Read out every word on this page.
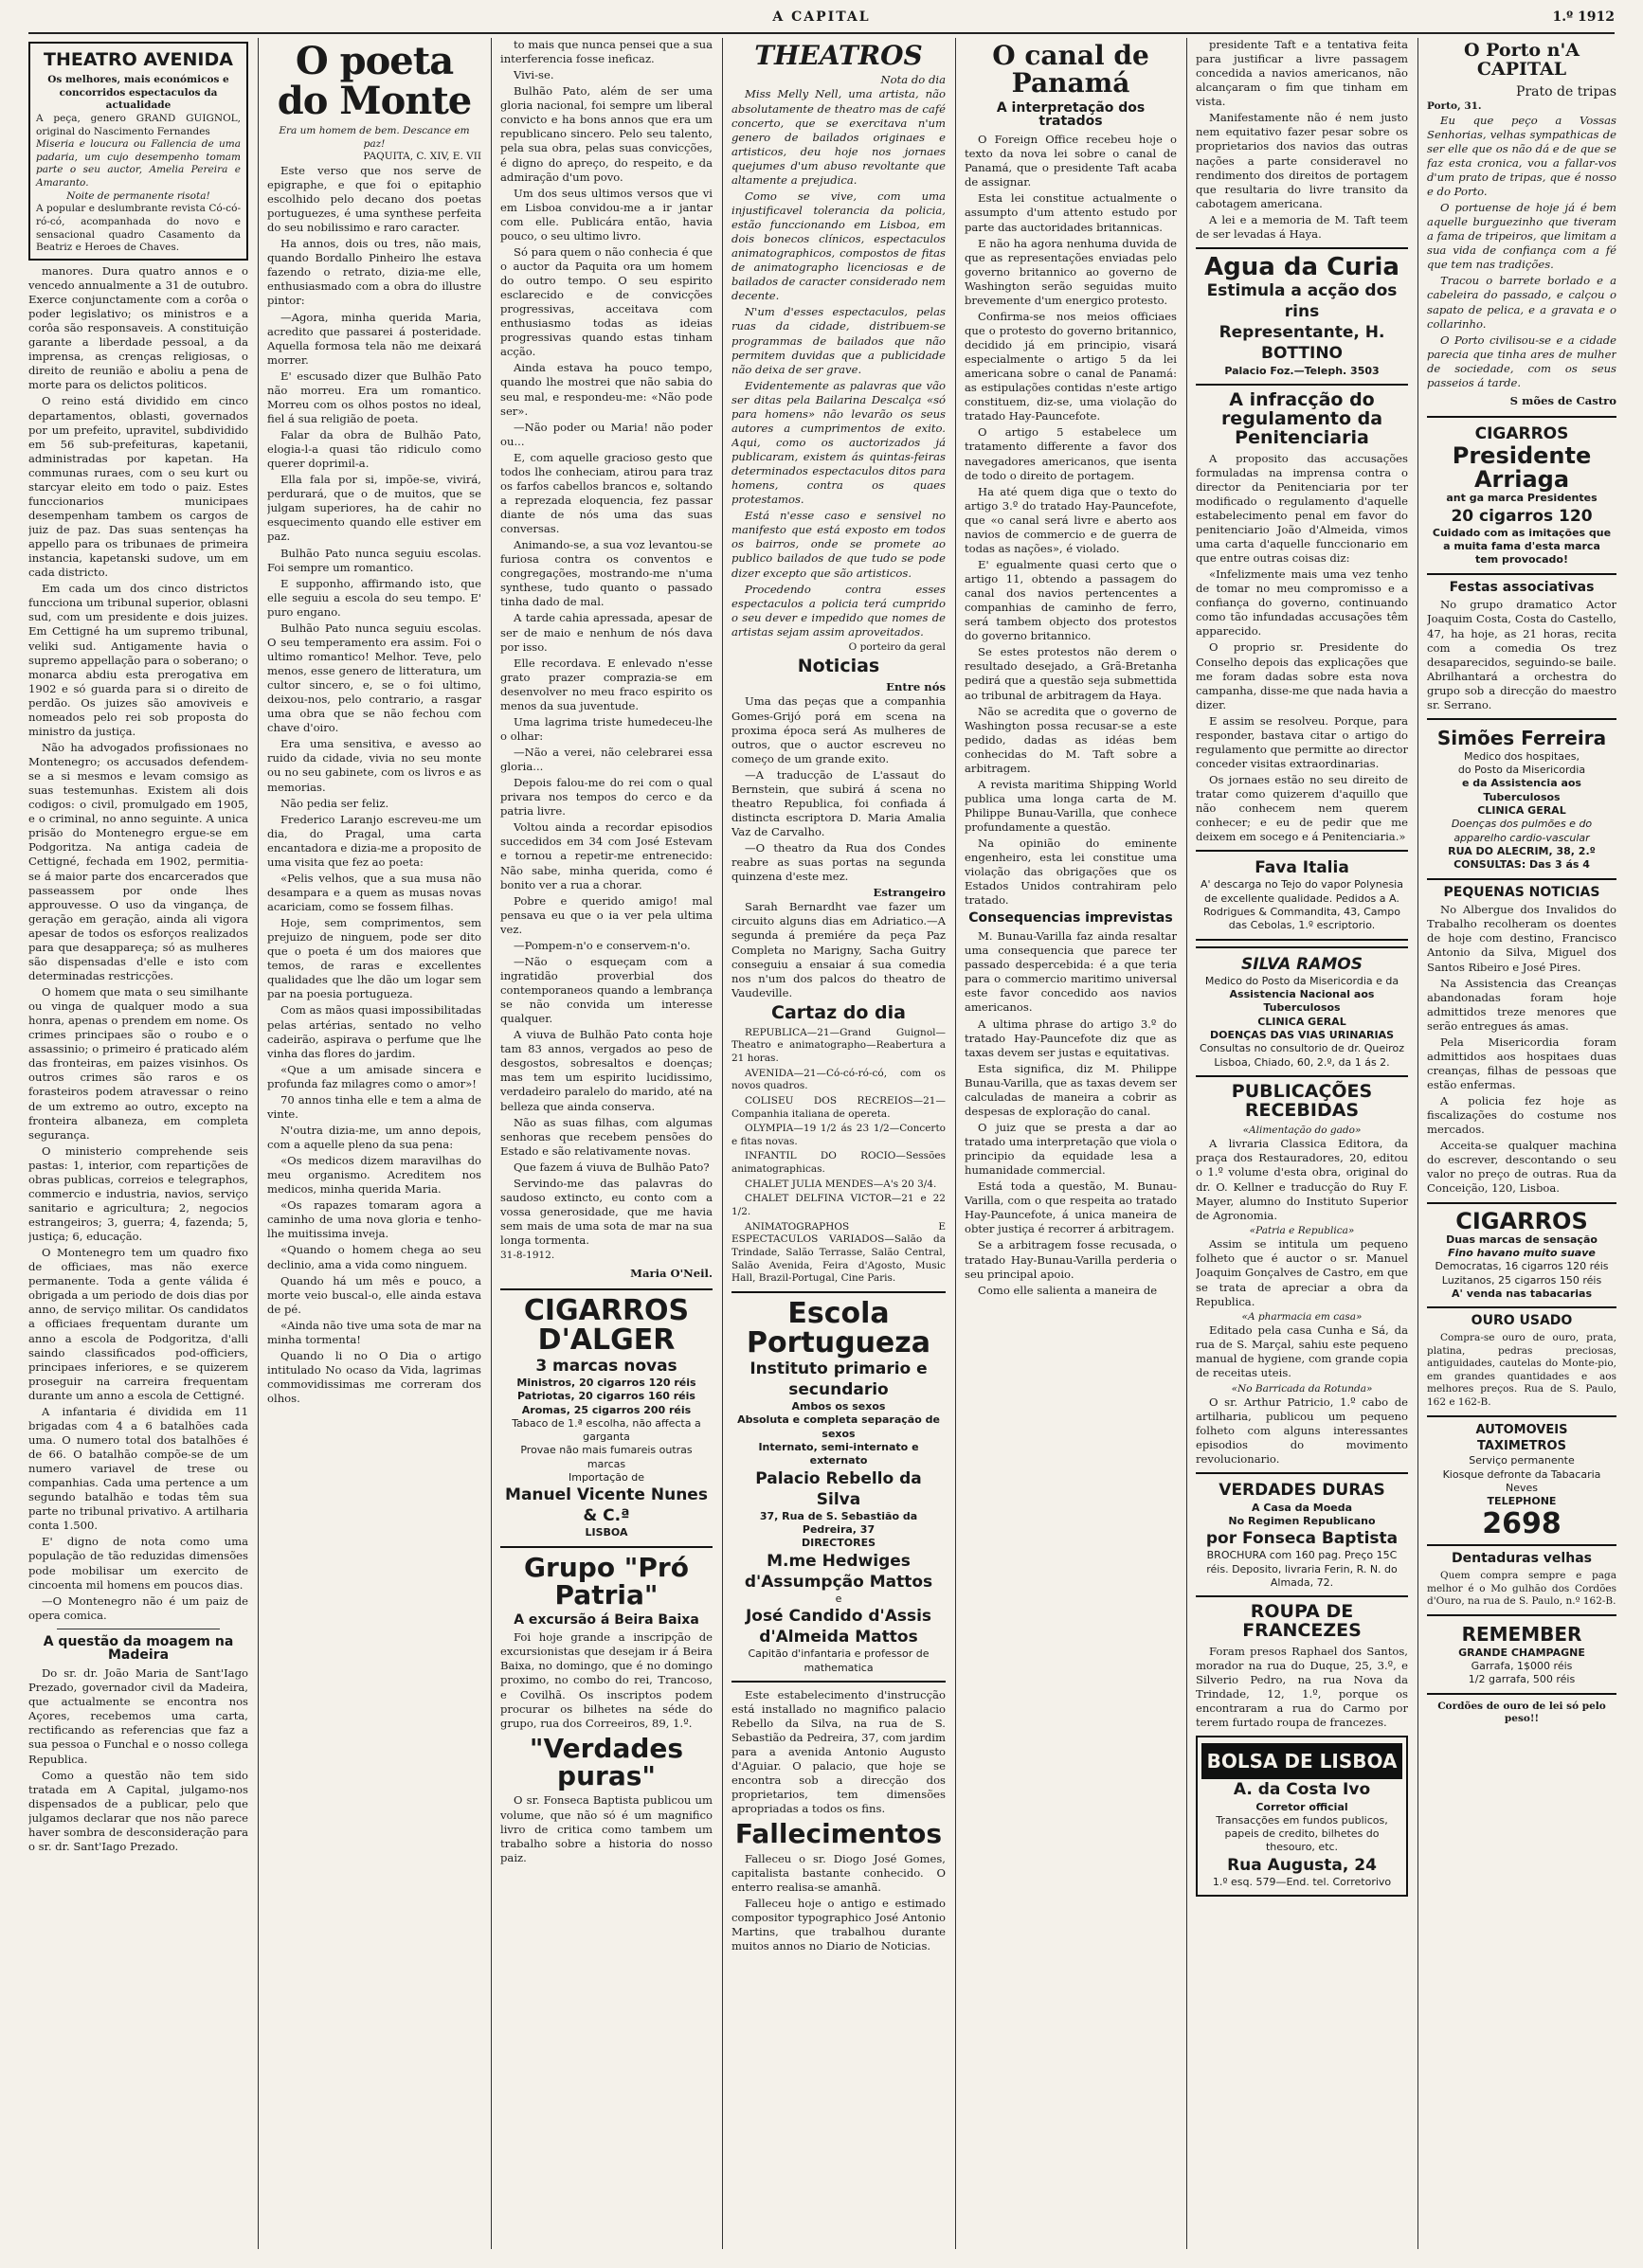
A CAPITAL	1.º 1912
THEATRO AVENIDA
Os melhores, mais económicos e concorridos espectaculos da actualidade
A peça, genero GRAND GUIGNOL, original do Nascimento Fernandes
Miseria e loucura ou Fallencia de uma padaria, um cujo desempenho tomam parte o seu auctor, Amelia Pereira e Amaranto.
Noite de permanente risota!
A popular e deslumbrante revista Có-có-ró-có, acompanhada do novo e sensacional quadro Casamento da Beatriz e Heroes de Chaves.

manores. Dura quatro annos e o vencedo annualmente a 31 de outubro. Exerce conjunctamente com a corôa o poder legislativo; os ministros e a corôa são responsaveis. A constituição garante a liberdade pessoal, a da imprensa, as crenças religiosas, o direito de reunião e aboliu a pena de morte para os delictos politicos.

O reino está dividido em cinco departamentos, oblasti, governados por um prefeito, upravitel, subdividido em 56 sub-prefeituras, kapetanii, administradas por kapetan. Ha communas ruraes, com o seu kurt ou starcyar eleito em todo o paiz. Estes funccionarios municipaes desempenham tambem os cargos de juiz de paz. Das suas sentenças ha appello para os tribunaes de primeira instancia, kapetanski sudove, um em cada districto.

Em cada um dos cinco districtos funcciona um tribunal superior, oblasni sud, com um presidente e dois juizes. Em Cettigné ha um supremo tribunal, veliki sud. Antigamente havia o supremo appellação para o soberano; o monarca abdiu esta prerogativa em 1902 e só guarda para si o direito de perdão. Os juizes são amoviveis e nomeados pelo rei sob proposta do ministro da justiça.

Não ha advogados profissionaes no Montenegro; os accusados defendem-se a si mesmos e levam comsigo as suas testemunhas. Existem ali dois codigos: o civil, promulgado em 1905, e o criminal, no anno seguinte. A unica prisão do Montenegro ergue-se em Podgoritza. Na antiga cadeia de Cettigné, fechada em 1902, permitia-se á maior parte dos encarcerados que passeassem por onde lhes approuvesse. O uso da vingança, de geração em geração, ainda ali vigora apesar de todos os esforços realizados para que desappareça; só as mulheres são dispensadas d'elle e isto com determinadas restricções.

O homem que mata o seu similhante ou vinga de qualquer modo a sua honra, apenas o prendem em nome. Os crimes principaes são o roubo e o assassinio; o primeiro é praticado além das fronteiras, em paizes visinhos. Os outros crimes são raros e os forasteiros podem atravessar o reino de um extremo ao outro, excepto na fronteira albaneza, em completa segurança.

O ministerio comprehende seis pastas: 1, interior, com repartições de obras publicas, correios e telegraphos, commercio e industria, navios, serviço sanitario e agricultura; 2, negocios estrangeiros; 3, guerra; 4, fazenda; 5, justiça; 6, educação.

O Montenegro tem um quadro fixo de officiaes, mas não exerce permanente. Toda a gente válida é obrigada a um periodo de dois dias por anno, de serviço militar. Os candidatos a officiaes frequentam durante um anno a escola de Podgoritza, d'alli saindo classificados pod-officiers, principaes inferiores, e se quizerem proseguir na carreira frequentam durante um anno a escola de Cettigné.

A infantaria é dividida em 11 brigadas com 4 a 6 batalhões cada uma. O numero total dos batalhões é de 66. O batalhão compõe-se de um numero variavel de trese ou companhias. Cada uma pertence a um segundo batalhão e todas têm sua parte no tribunal privativo. A artilharia conta 1.500.

E' digno de nota como uma população de tão reduzidas dimensões pode mobilisar um exercito de cincoenta mil homens em poucos dias.

—O Montenegro não é um paiz de opera comica.

A questão da moagem na Madeira

Do sr. dr. João Maria de Sant'Iago Prezado, governador civil da Madeira, que actualmente se encontra nos Açores, recebemos uma carta, rectificando as referencias que faz a sua pessoa o Funchal e o nosso collega Republica.

Como a questão não tem sido tratada em A Capital, julgamo-nos dispensados de a publicar, pelo que julgamos declarar que nos não parece haver sombra de desconsideração para o sr. dr. Sant'Iago Prezado.

O poeta do Monte
Era um homem de bem. Descance em paz!
PAQUITA, C. XIV, E. VII

Este verso que nos serve de epigraphe, e que foi o epitaphio escolhido pelo decano dos poetas portuguezes, é uma synthese perfeita do seu nobilissimo e raro caracter.

Ha annos, dois ou tres, não mais, quando Bordallo Pinheiro lhe estava fazendo o retrato, dizia-me elle, enthusiasmado com a obra do illustre pintor:

—Agora, minha querida Maria, acredito que passarei á posteridade. Aquella formosa tela não me deixará morrer.

E' escusado dizer que Bulhão Pato não morreu. Era um romantico. Morreu com os olhos postos no ideal, fiel á sua religião de poeta.

Falar da obra de Bulhão Pato, elogia-l-a quasi tão ridiculo como querer doprimil-a.

Ella fala por si, impõe-se, vivirá, perdurará, que o de muitos, que se julgam superiores, ha de cahir no esquecimento quando elle estiver em paz.

Bulhão Pato nunca seguiu escolas. Foi sempre um romantico.

E supponho, affirmando isto, que elle seguiu a escola do seu tempo. E' puro engano.

Bulhão Pato nunca seguiu escolas. O seu temperamento era assim. Foi o ultimo romantico! Melhor. Teve, pelo menos, esse genero de litteratura, um cultor sincero, e, se o foi ultimo, deixou-nos, pelo contrario, a rasgar uma obra que se não fechou com chave d'oiro.

Era uma sensitiva, e avesso ao ruido da cidade, vivia no seu monte ou no seu gabinete, com os livros e as memorias.

Não pedia ser feliz.

Frederico Laranjo escreveu-me um dia, do Pragal, uma carta encantadora e dizia-me a proposito de uma visita que fez ao poeta:

«Pelis velhos, que a sua musa não desampara e a quem as musas novas acariciam, como se fossem filhas.

Hoje, sem comprimentos, sem prejuizo de ninguem, pode ser dito que o poeta é um dos maiores que temos, de raras e excellentes qualidades que lhe dão um logar sem par na poesia portugueza.

Com as mãos quasi impossibilitadas pelas artérias, sentado no velho cadeirão, aspirava o perfume que lhe vinha das flores do jardim.

«Que a um amisade sincera e profunda faz milagres como o amor»!

70 annos tinha elle e tem a alma de vinte.

N'outra dizia-me, um anno depois, com a aquelle pleno da sua pena:

«Os medicos dizem maravilhas do meu organismo. Acreditem nos medicos, minha querida Maria.

«Os rapazes tomaram agora a caminho de uma nova gloria e tenho-lhe muitissima inveja.

«Quando o homem chega ao seu declinio, ama a vida como ninguem.

Quando há um mês e pouco, a morte veio buscal-o, elle ainda estava de pé.

«Ainda não tive uma sota de mar na minha tormenta!

Quando li no O Dia o artigo intitulado No ocaso da Vida, lagrimas commovidissimas me correram dos olhos.

to mais que nunca pensei que a sua interferencia fosse ineficaz.

Vivi-se.

Bulhão Pato, além de ser uma gloria nacional, foi sempre um liberal convicto e ha bons annos que era um republicano sincero. Pelo seu talento, pela sua obra, pelas suas convicções, é digno do apreço, do respeito, e da admiração d'um povo.

Um dos seus ultimos versos que vi em Lisboa convidou-me a ir jantar com elle. Publicára então, havia pouco, o seu ultimo livro.

Só para quem o não conhecia é que o auctor da Paquita ora um homem do outro tempo. O seu espirito esclarecido e de convicções progressivas, acceitava com enthusiasmo todas as ideias progressivas quando estas tinham acção.

Ainda estava ha pouco tempo, quando lhe mostrei que não sabia do seu mal, e respondeu-me: «Não pode ser».

—Não poder ou Maria! não poder ou...

E, com aquelle gracioso gesto que todos lhe conheciam, atirou para traz os farfos cabellos brancos e, soltando a reprezada eloquencia, fez passar diante de nós uma das suas conversas.

Animando-se, a sua voz levantou-se furiosa contra os conventos e congregações, mostrando-me n'uma synthese, tudo quanto o passado tinha dado de mal.

A tarde cahia apressada, apesar de ser de maio e nenhum de nós dava por isso.

Elle recordava. E enlevado n'esse grato prazer comprazia-se em desenvolver no meu fraco espirito os menos da sua juventude.

Uma lagrima triste humedeceu-lhe o olhar:

—Não a verei, não celebrarei essa gloria...

Depois falou-me do rei com o qual privara nos tempos do cerco e da patria livre.

Voltou ainda a recordar episodios succedidos em 34 com José Estevam e tornou a repetir-me entrenecido: Não sabe, minha querida, como é bonito ver a rua a chorar.

Pobre e querido amigo! mal pensava eu que o ia ver pela ultima vez.

—Pompem-n'o e conservem-n'o.

—Não o esqueçam com a ingratidão proverbial dos contemporaneos quando a lembrança se não convida um interesse qualquer.

A viuva de Bulhão Pato conta hoje tam 83 annos, vergados ao peso de desgostos, sobresaltos e doenças; mas tem um espirito lucidissimo, verdadeiro paralelo do marido, até na belleza que ainda conserva.

Não as suas filhas, com algumas senhoras que recebem pensões do Estado e são relativamente novas.

Que fazem á viuva de Bulhão Pato?

Servindo-me das palavras do saudoso extincto, eu conto com a vossa generosidade, que me havia sem mais de uma sota de mar na sua longa tormenta.

31-8-1912.
Maria O'Neil.
CIGARROS D'ALGER
3 marcas novas
Ministros, 20 cigarros 120 réis
Patriotas, 20 cigarros 160 réis
Aromas, 25 cigarros 200 réis
Tabaco de 1.ª escolha, não affecta a garganta
Provae não mais fumareis outras marcas
Importação de
Manuel Vicente Nunes & C.ª
LISBOA
Grupo "Pró Patria"
A excursão á Beira Baixa

Foi hoje grande a inscripção de excursionistas que desejam ir á Beira Baixa, no domingo, que é no domingo proximo, no combo do rei, Trancoso, e Covilhã. Os inscriptos podem procurar os bilhetes na séde do grupo, rua dos Correeiros, 89, 1.º.

"Verdades puras"

O sr. Fonseca Baptista publicou um volume, que não só é um magnifico livro de critica como tambem um trabalho sobre a historia do nosso paiz.

THEATROS
Nota do dia

Miss Melly Nell, uma artista, não absolutamente de theatro mas de café concerto, que se exercitava n'um genero de bailados originaes e artisticos, deu hoje nos jornaes quejumes d'um abuso revoltante que altamente a prejudica.

Como se vive, com uma injustificavel tolerancia da policia, estão funccionando em Lisboa, em dois bonecos clínicos, espectaculos animatographicos, compostos de fitas de animatographo licenciosas e de bailados de caracter considerado nem decente.

N'um d'esses espectaculos, pelas ruas da cidade, distribuem-se programmas de bailados que não permitem duvidas que a publicidade não deixa de ser grave.

Evidentemente as palavras que vão ser ditas pela Bailarina Descalça «só para homens» não levarão os seus autores a cumprimentos de exito. Aqui, como os auctorizados já publicaram, existem ás quintas-feiras determinados espectaculos ditos para homens, contra os quaes protestamos.

Está n'esse caso e sensivel no manifesto que está exposto em todos os bairros, onde se promete ao publico bailados de que tudo se pode dizer excepto que são artisticos.

Procedendo contra esses espectaculos a policia terá cumprido o seu dever e impedido que nomes de artistas sejam assim aproveitados.

O porteiro da geral
Noticias
Entre nós

Uma das peças que a companhia Gomes-Grijó porá em scena na proxima época será As mulheres de outros, que o auctor escreveu no começo de um grande exito.

—A traducção de L'assaut do Bernstein, que subirá á scena no theatro Republica, foi confiada á distincta escriptora D. Maria Amalia Vaz de Carvalho.

—O theatro da Rua dos Condes reabre as suas portas na segunda quinzena d'este mez.

Estrangeiro

Sarah Bernardht vae fazer um circuito alguns dias em Adriatico.—A segunda á premiére da peça Paz Completa no Marigny, Sacha Guitry conseguiu a ensaiar á sua comedia nos n'um dos palcos do theatro de Vaudeville.

Cartaz do dia

REPUBLICA—21—Grand Guignol—Theatro e animatographo—Reabertura a 21 horas.

AVENIDA—21—Có-có-ró-có, com os novos quadros.

COLISEU DOS RECREIOS—21—Companhia italiana de opereta.

OLYMPIA—19 1/2 ás 23 1/2—Concerto e fitas novas.

INFANTIL DO ROCIO—Sessões animatographicas.

CHALET JULIA MENDES—A's 20 3/4.

CHALET DELFINA VICTOR—21 e 22 1/2.

ANIMATOGRAPHOS E ESPECTACULOS VARIADOS—Salão da Trindade, Salão Terrasse, Salão Central, Salão Avenida, Feira d'Agosto, Music Hall, Brazil-Portugal, Cine Paris.

Escola Portugueza
Instituto primario e secundario
Ambos os sexos
Absoluta e completa separação de sexos
Internato, semi-internato e externato
Palacio Rebello da Silva
37, Rua de S. Sebastião da Pedreira, 37
DIRECTORES
M.me Hedwiges d'Assumpção Mattos
e
José Candido d'Assis d'Almeida Mattos
Capitão d'infantaria e professor de mathematica

Este estabelecimento d'instrucção está installado no magnifico palacio Rebello da Silva, na rua de S. Sebastião da Pedreira, 37, com jardim para a avenida Antonio Augusto d'Aguiar. O palacio, que hoje se encontra sob a direcção dos proprietarios, tem dimensões apropriadas a todos os fins.

Fallecimentos

Falleceu o sr. Diogo José Gomes, capitalista bastante conhecido. O enterro realisa-se amanhã.

Falleceu hoje o antigo e estimado compositor typographico José Antonio Martins, que trabalhou durante muitos annos no Diario de Noticias.

O canal de Panamá
A interpretação dos tratados

O Foreign Office recebeu hoje o texto da nova lei sobre o canal de Panamá, que o presidente Taft acaba de assignar.

Esta lei constitue actualmente o assumpto d'um attento estudo por parte das auctoridades britannicas.

E não ha agora nenhuma duvida de que as representações enviadas pelo governo britannico ao governo de Washington serão seguidas muito brevemente d'um energico protesto.

Confirma-se nos meios officiaes que o protesto do governo britannico, decidido já em principio, visará especialmente o artigo 5 da lei americana sobre o canal de Panamá: as estipulações contidas n'este artigo constituem, diz-se, uma violação do tratado Hay-Pauncefote.

O artigo 5 estabelece um tratamento differente a favor dos navegadores americanos, que isenta de todo o direito de portagem.

Ha até quem diga que o texto do artigo 3.º do tratado Hay-Pauncefote, que «o canal será livre e aberto aos navios de commercio e de guerra de todas as nações», é violado.

E' egualmente quasi certo que o artigo 11, obtendo a passagem do canal dos navios pertencentes a companhias de caminho de ferro, será tambem objecto dos protestos do governo britannico.

Se estes protestos não derem o resultado desejado, a Grã-Bretanha pedirá que a questão seja submettida ao tribunal de arbitragem da Haya.

Não se acredita que o governo de Washington possa recusar-se a este pedido, dadas as idéas bem conhecidas do M. Taft sobre a arbitragem.

A revista maritima Shipping World publica uma longa carta de M. Philippe Bunau-Varilla, que conhece profundamente a questão.

Na opinião do eminente engenheiro, esta lei constitue uma violação das obrigações que os Estados Unidos contrahiram pelo tratado.

Consequencias imprevistas

M. Bunau-Varilla faz ainda resaltar uma consequencia que parece ter passado despercebida: é a que teria para o commercio maritimo universal este favor concedido aos navios americanos.

A ultima phrase do artigo 3.º do tratado Hay-Pauncefote diz que as taxas devem ser justas e equitativas.

Esta significa, diz M. Philippe Bunau-Varilla, que as taxas devem ser calculadas de maneira a cobrir as despesas de exploração do canal.

O juiz que se presta a dar ao tratado uma interpretação que viola o principio da equidade lesa a humanidade commercial.

Está toda a questão, M. Bunau-Varilla, com o que respeita ao tratado Hay-Pauncefote, á unica maneira de obter justiça é recorrer á arbitragem.

Se a arbitragem fosse recusada, o tratado Hay-Bunau-Varilla perderia o seu principal apoio.

Como elle salienta a maneira de

presidente Taft e a tentativa feita para justificar a livre passagem concedida a navios americanos, não alcançaram o fim que tinham em vista.

Manifestamente não é nem justo nem equitativo fazer pesar sobre os proprietarios dos navios das outras nações a parte consideravel no rendimento dos direitos de portagem que resultaria do livre transito da cabotagem americana.

A lei e a memoria de M. Taft teem de ser levadas á Haya.

Agua da Curia
Estimula a acção dos rins
Representante, H. BOTTINO
Palacio Foz.—Teleph. 3503
A infracção do regulamento da Penitenciaria

A proposito das accusações formuladas na imprensa contra o director da Penitenciaria por ter modificado o regulamento d'aquelle estabelecimento penal em favor do penitenciario João d'Almeida, vimos uma carta d'aquelle funccionario em que entre outras coisas diz:

«Infelizmente mais uma vez tenho de tomar no meu compromisso e a confiança do governo, continuando como tão infundadas accusações têm apparecido.

O proprio sr. Presidente do Conselho depois das explicações que me foram dadas sobre esta nova campanha, disse-me que nada havia a dizer.

E assim se resolveu. Porque, para responder, bastava citar o artigo do regulamento que permitte ao director conceder visitas extraordinarias.

Os jornaes estão no seu direito de tratar como quizerem d'aquillo que não conhecem nem querem conhecer; e eu de pedir que me deixem em socego e á Penitenciaria.»

Fava Italia
A' descarga no Tejo do vapor Polynesia de excellente qualidade. Pedidos a A. Rodrigues & Commandita, 43, Campo das Cebolas, 1.º escriptorio.
SILVA RAMOS
Medico do Posto da Misericordia e da
Assistencia Nacional aos Tuberculosos
CLINICA GERAL
DOENÇAS DAS VIAS URINARIAS
Consultas no consultorio de dr. Queiroz Lisboa, Chiado, 60, 2.º, da 1 ás 2.
PUBLICAÇÕES RECEBIDAS
«Alimentação do gado»

A livraria Classica Editora, da praça dos Restauradores, 20, editou o 1.º volume d'esta obra, original do dr. O. Kellner e traducção do Ruy F. Mayer, alumno do Instituto Superior de Agronomia.

«Patria e Republica»

Assim se intitula um pequeno folheto que é auctor o sr. Manuel Joaquim Gonçalves de Castro, em que se trata de apreciar a obra da Republica.

«A pharmacia em casa»

Editado pela casa Cunha e Sá, da rua de S. Marçal, sahiu este pequeno manual de hygiene, com grande copia de receitas uteis.

«No Barricada da Rotunda»

O sr. Arthur Patricio, 1.º cabo de artilharia, publicou um pequeno folheto com alguns interessantes episodios do movimento revolucionario.

VERDADES DURAS
A Casa da Moeda
No Regimen Republicano
por Fonseca Baptista
BROCHURA com 160 pag. Preço 15C réis. Deposito, livraria Ferin, R. N. do Almada, 72.
ROUPA DE FRANCEZES

Foram presos Raphael dos Santos, morador na rua do Duque, 25, 3.º, e Silverio Pedro, na rua Nova da Trindade, 12, 1.º, porque os encontraram a rua do Carmo por terem furtado roupa de francezes.

BOLSA DE LISBOA
A. da Costa Ivo
Corretor official
Transacções em fundos publicos, papeis de credito, bilhetes do thesouro, etc.
Rua Augusta, 24
1.º esq. 579—End. tel. Corretorivo
O Porto n'A CAPITAL
Prato de tripas
Porto, 31.

Eu que peço a Vossas Senhorias, velhas sympathicas de ser elle que os não dá e de que se faz esta cronica, vou a fallar-vos d'um prato de tripas, que é nosso e do Porto.

O portuense de hoje já é bem aquelle burguezinho que tiveram a fama de tripeiros, que limitam a sua vida de confiança com a fé que tem nas tradições.

Tracou o barrete borlado e a cabeleira do passado, e calçou o sapato de pelica, e a gravata e o collarinho.

O Porto civilisou-se e a cidade parecia que tinha ares de mulher de sociedade, com os seus passeios á tarde.

S mões de Castro
CIGARROS
Presidente Arriaga
ant ga marca Presidentes
20 cigarros 120
Cuidado com as imitações que a muita fama d'esta marca tem provocado!
Festas associativas

No grupo dramatico Actor Joaquim Costa, Costa do Castello, 47, ha hoje, as 21 horas, recita com a comedia Os trez desaparecidos, seguindo-se baile. Abrilhantará a orchestra do grupo sob a direcção do maestro sr. Serrano.

Simões Ferreira
Medico dos hospitaes,
do Posto da Misericordia
e da Assistencia aos Tuberculosos
CLINICA GERAL
Doenças dos pulmões e do apparelho cardio-vascular
RUA DO ALECRIM, 38, 2.º
CONSULTAS: Das 3 ás 4
PEQUENAS NOTICIAS

No Albergue dos Invalidos do Trabalho recolheram os doentes de hoje com destino, Francisco Antonio da Silva, Miguel dos Santos Ribeiro e José Pires.

Na Assistencia das Creanças abandonadas foram hoje admittidos treze menores que serão entregues ás amas.

Pela Misericordia foram admittidos aos hospitaes duas creanças, filhas de pessoas que estão enfermas.

A policia fez hoje as fiscalizações do costume nos mercados.

Acceita-se qualquer machina do escrever, descontando o seu valor no preço de outras. Rua da Conceição, 120, Lisboa.

CIGARROS
Duas marcas de sensação
Fino havano muito suave
Democratas, 16 cigarros 120 réis
Luzitanos, 25 cigarros 150 réis
A' venda nas tabacarias
OURO USADO

Compra-se ouro de ouro, prata, platina, pedras preciosas, antiguidades, cautelas do Monte-pio, em grandes quantidades e aos melhores preços. Rua de S. Paulo, 162 e 162-B.

AUTOMOVEIS TAXIMETROS
Serviço permanente
Kiosque defronte da Tabacaria Neves
TELEPHONE
2698
Dentaduras velhas

Quem compra sempre e paga melhor é o Mo gulhão dos Cordões d'Ouro, na rua de S. Paulo, n.º 162-B.

REMEMBER
GRANDE CHAMPAGNE
Garrafa, 1$000 réis
1/2 garrafa, 500 réis
Cordões de ouro de lei só pelo peso!!
